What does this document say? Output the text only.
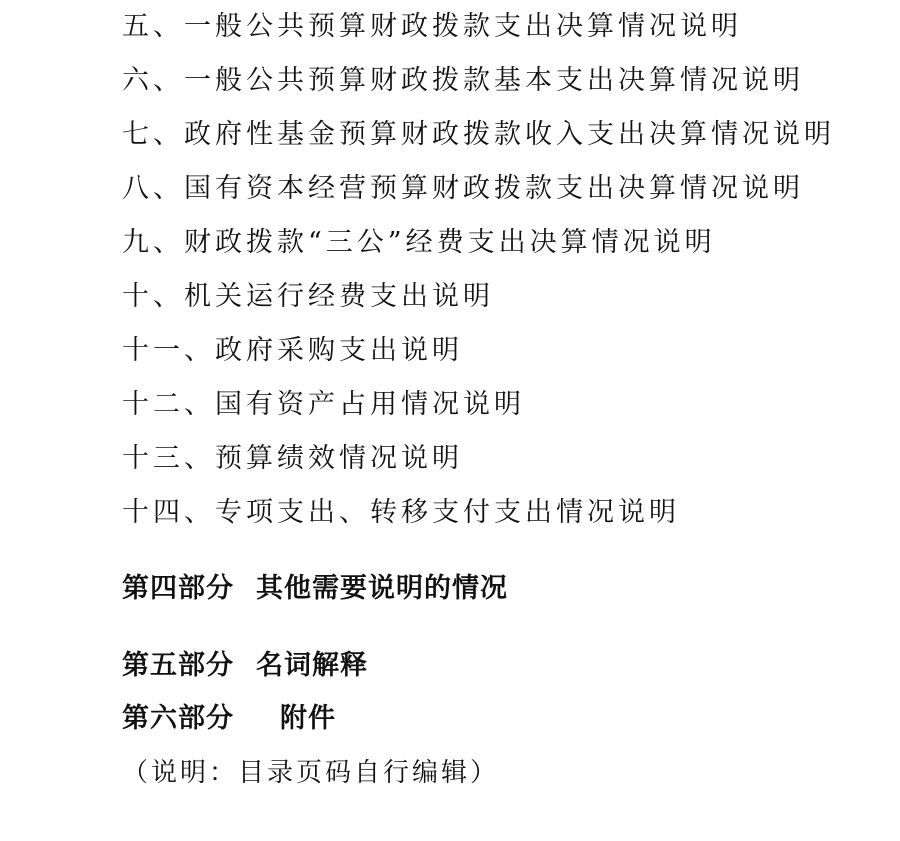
五、一般公共预算财政拨款支出决算情况说明
六、一般公共预算财政拨款基本支出决算情况说明
七、政府性基金预算财政拨款收入支出决算情况说明
八、国有资本经营预算财政拨款支出决算情况说明
九、财政拨款“三公”经费支出决算情况说明
十、机关运行经费支出说明
十一、政府采购支出说明
十二、国有资产占用情况说明
十三、预算绩效情况说明
十四、专项支出、转移支付支出情况说明
第四部分 其他需要说明的情况
第五部分 名词解释
第六部分 附件
（说明：目录页码自行编辑）
